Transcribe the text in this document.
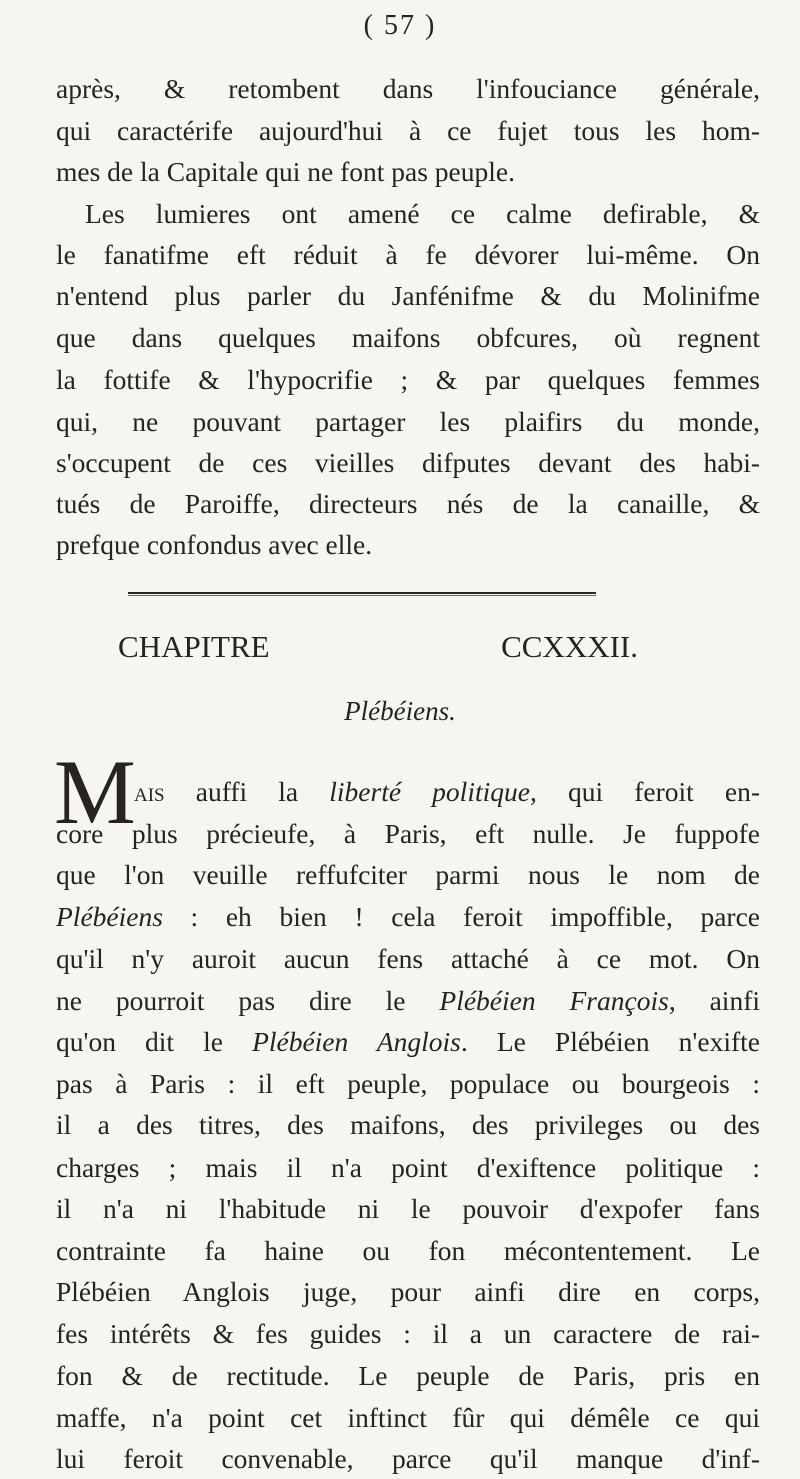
( 57 )
après, & retombent dans l'infouciance générale,
qui caractérife aujourd'hui à ce fujet tous les hom-
mes de la Capitale qui ne font pas peuple.
Les lumieres ont amené ce calme defirable, &
le fanatifme eft réduit à fe dévorer lui-même. On
n'entend plus parler du Janfénifme & du Molinifme
que dans quelques maifons obfcures, où regnent
la fottife & l'hypocrifie ; & par quelques femmes
qui, ne pouvant partager les plaifirs du monde,
s'occupent de ces vieilles difputes devant des habi-
tués de Paroiffe, directeurs nés de la canaille, &
prefque confondus avec elle.
CHAPITRE CCXXXII.
Plébéiens.
M
ais auffi la liberté politique, qui feroit en-
core plus précieufe, à Paris, eft nulle. Je fuppofe
que l'on veuille reffufciter parmi nous le nom de
Plébéiens : eh bien ! cela feroit impoffible, parce
qu'il n'y auroit aucun fens attaché à ce mot. On
ne pourroit pas dire le Plébéien François, ainfi
qu'on dit le Plébéien Anglois. Le Plébéien n'exifte
pas à Paris : il eft peuple, populace ou bourgeois :
il a des titres, des maifons, des privileges ou des
charges ; mais il n'a point d'exiftence politique :
il n'a ni l'habitude ni le pouvoir d'expofer fans
contrainte fa haine ou fon mécontentement. Le
Plébéien Anglois juge, pour ainfi dire en corps,
fes intérêts & fes guides : il a un caractere de rai-
fon & de rectitude. Le peuple de Paris, pris en
maffe, n'a point cet inftinct fûr qui démêle ce qui
lui feroit convenable, parce qu'il manque d'inf-
